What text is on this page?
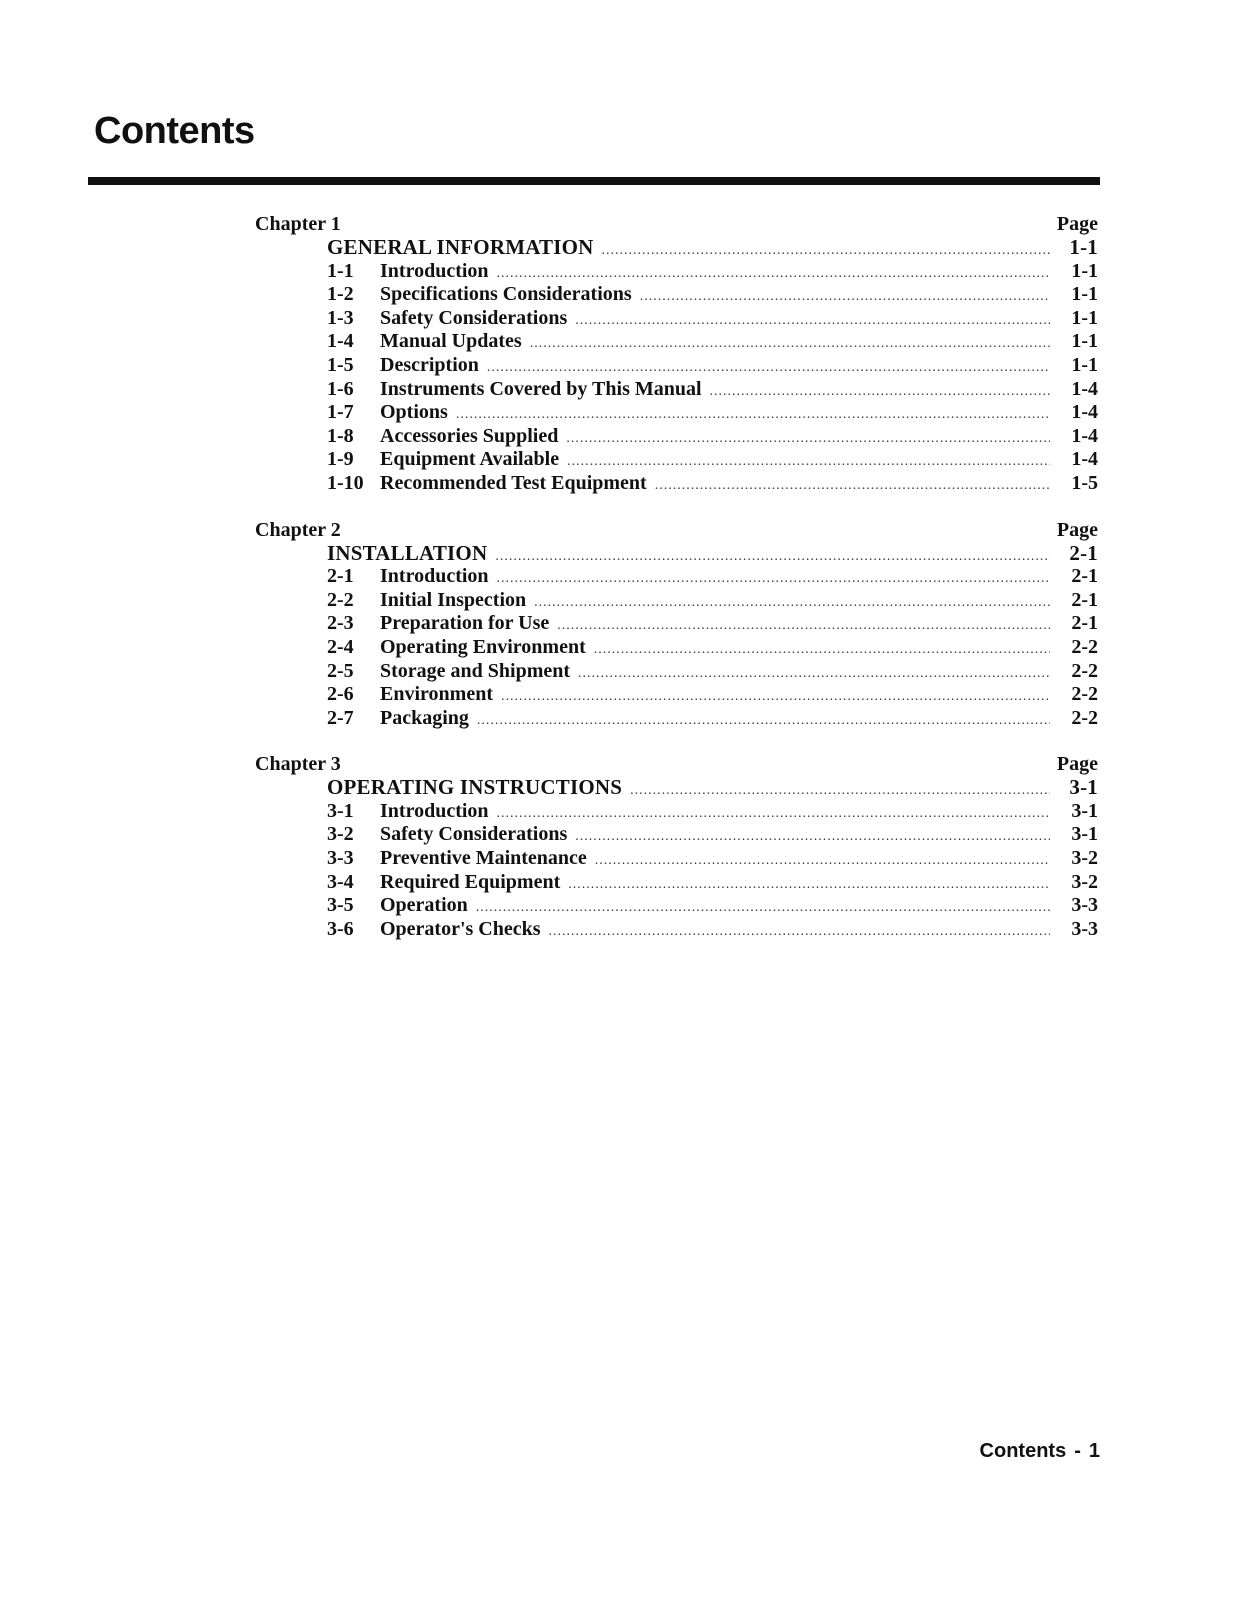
Contents
Chapter 1	Page
GENERAL INFORMATION .....	1-1
1-1	Introduction .....	1-1
1-2	Specifications Considerations .....	1-1
1-3	Safety Considerations .....	1-1
1-4	Manual Updates .....	1-1
1-5	Description .....	1-1
1-6	Instruments Covered by This Manual .....	1-4
1-7	Options .....	1-4
1-8	Accessories Supplied .....	1-4
1-9	Equipment Available .....	1-4
1-10 Recommended Test Equipment .....	1-5
Chapter 2	Page
INSTALLATION .....	2-1
2-1	Introduction .....	2-1
2-2	Initial Inspection .....	2-1
2-3	Preparation for Use .....	2-1
2-4	Operating Environment .....	2-2
2-5	Storage and Shipment .....	2-2
2-6	Environment .....	2-2
2-7	Packaging .....	2-2
Chapter 3	Page
OPERATING INSTRUCTIONS .....	3-1
3-1	Introduction .....	3-1
3-2	Safety Considerations .....	3-1
3-3	Preventive Maintenance .....	3-2
3-4	Required Equipment .....	3-2
3-5	Operation .....	3-3
3-6	Operator's Checks .....	3-3
Contents - 1
